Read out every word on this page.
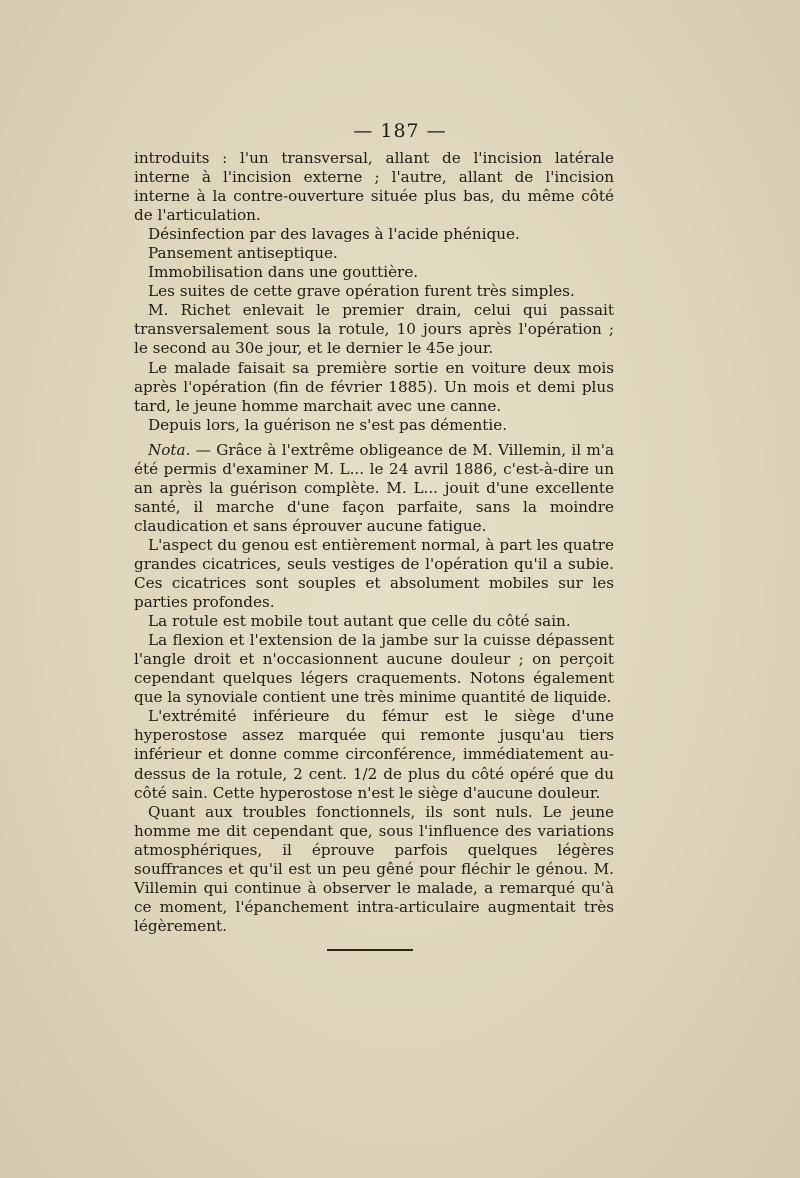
— 187 —

introduits : l'un transversal, allant de l'incision latérale interne à l'incision externe ; l'autre, allant de l'incision interne à la contre-ouverture située plus bas, du même côté de l'articulation.

Désinfection par des lavages à l'acide phénique.

Pansement antiseptique.

Immobilisation dans une gouttière.

Les suites de cette grave opération furent très simples.

M. Richet enlevait le premier drain, celui qui passait transversalement sous la rotule, 10 jours après l'opération ; le second au 30e jour, et le dernier le 45e jour.

Le malade faisait sa première sortie en voiture deux mois après l'opération (fin de février 1885). Un mois et demi plus tard, le jeune homme marchait avec une canne.

Depuis lors, la guérison ne s'est pas démentie.

Nota. — Grâce à l'extrême obligeance de M. Villemin, il m'a été permis d'examiner M. L... le 24 avril 1886, c'est-à-dire un an après la guérison complète. M. L... jouit d'une excellente santé, il marche d'une façon parfaite, sans la moindre claudication et sans éprouver aucune fatigue.

L'aspect du genou est entièrement normal, à part les quatre grandes cicatrices, seuls vestiges de l'opération qu'il a subie. Ces cicatrices sont souples et absolument mobiles sur les parties profondes.

La rotule est mobile tout autant que celle du côté sain.

La flexion et l'extension de la jambe sur la cuisse dépassent l'angle droit et n'occasionnent aucune douleur ; on perçoit cependant quelques légers craquements. Notons également que la synoviale contient une très minime quantité de liquide.

L'extrémité inférieure du fémur est le siège d'une hyperostose assez marquée qui remonte jusqu'au tiers inférieur et donne comme circonférence, immédiatement au-dessus de la rotule, 2 cent. 1/2 de plus du côté opéré que du côté sain. Cette hyperostose n'est le siège d'aucune douleur.

Quant aux troubles fonctionnels, ils sont nuls. Le jeune homme me dit cependant que, sous l'influence des variations atmosphériques, il éprouve parfois quelques légères souffrances et qu'il est un peu gêné pour fléchir le génou. M. Villemin qui continue à observer le malade, a remarqué qu'à ce moment, l'épanchement intra-articulaire augmentait très légèrement.
